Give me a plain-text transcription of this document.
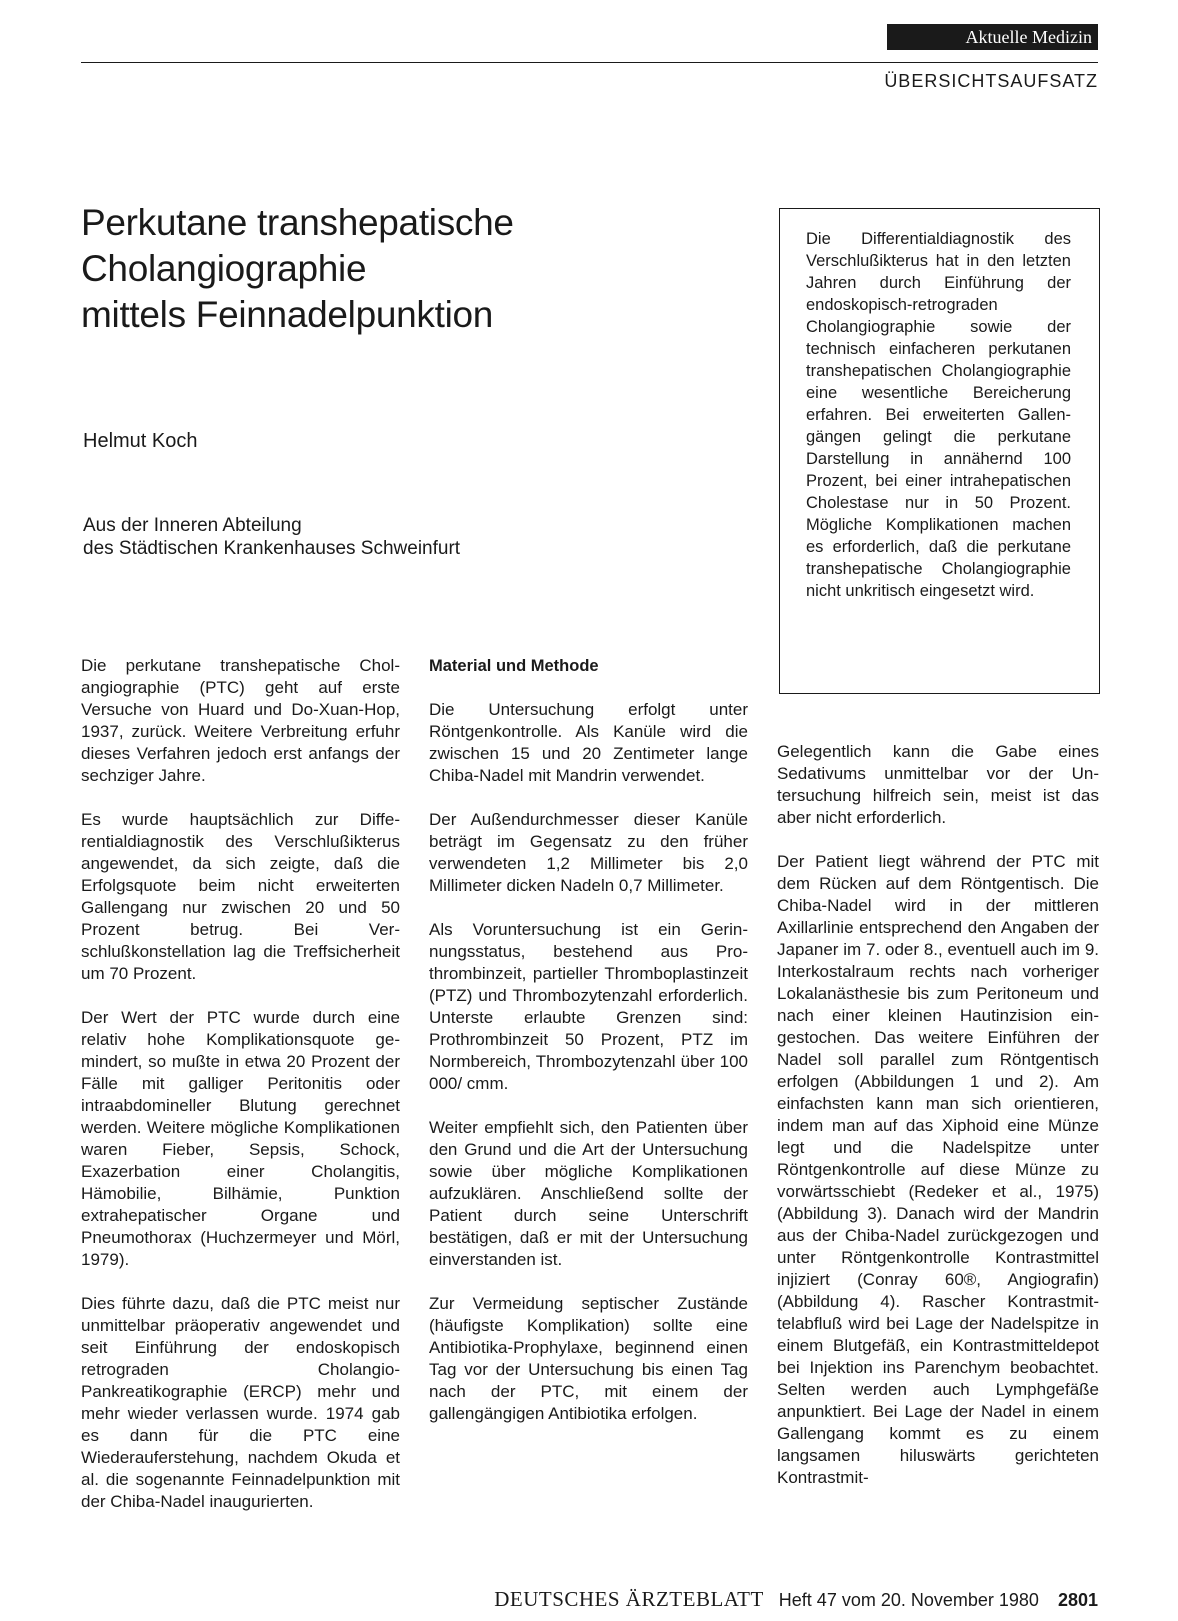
Aktuelle Medizin
ÜBERSICHTSAUFSATZ
Perkutane transhepatische
Cholangiographie
mittels Feinnadelpunktion
Helmut Koch
Aus der Inneren Abteilung
des Städtischen Krankenhauses Schweinfurt
Die Differentialdiagnostik des Verschlußikterus hat in den letzten Jahren durch Einführung der endoskopisch-retrograden Cholangiographie sowie der technisch einfacheren perkutanen transhepatischen Cholangiographie eine wesentliche Bereicherung erfahren. Bei erweiterten Gallengängen gelingt die perkutane Darstellung in annähernd 100 Prozent, bei einer intrahepatischen Cholestase nur in 50 Prozent. Mögliche Komplikationen machen es erforderlich, daß die perkutane transhepatische Cholangiographie nicht unkritisch eingesetzt wird.

Die perkutane transhepatische Cholangiographie (PTC) geht auf erste Versuche von Huard und Do-Xuan-Hop, 1937, zurück. Weitere Verbreitung erfuhr dieses Verfahren jedoch erst anfangs der sechziger Jahre.

Es wurde hauptsächlich zur Differentialdiagnostik des Verschlußikterus angewendet, da sich zeigte, daß die Erfolgsquote beim nicht erweiterten Gallengang nur zwischen 20 und 50 Prozent betrug. Bei Verschlußkonstellation lag die Treffsicherheit um 70 Prozent.

Der Wert der PTC wurde durch eine relativ hohe Komplikationsquote gemindert, so mußte in etwa 20 Prozent der Fälle mit galliger Peritonitis oder intraabdomineller Blutung gerechnet werden. Weitere mögliche Komplikationen waren Fieber, Sepsis, Schock, Exazerbation einer Cholangitis, Hämobilie, Bilhämie, Punktion extrahepatischer Organe und Pneumothorax (Huchzermeyer und Mörl, 1979).

Dies führte dazu, daß die PTC meist nur unmittelbar präoperativ angewendet und seit Einführung der endoskopisch retrograden Cholangio-Pankreatikographie (ERCP) mehr und mehr wieder verlassen wurde. 1974 gab es dann für die PTC eine Wiederauferstehung, nachdem Okuda et al. die sogenannte Feinnadelpunktion mit der Chiba-Nadel inaugurierten.

Material und Methode

Die Untersuchung erfolgt unter Röntgenkontrolle. Als Kanüle wird die zwischen 15 und 20 Zentimeter lange Chiba-Nadel mit Mandrin verwendet.

Der Außendurchmesser dieser Kanüle beträgt im Gegensatz zu den früher verwendeten 1,2 Millimeter bis 2,0 Millimeter dicken Nadeln 0,7 Millimeter.

Als Voruntersuchung ist ein Gerinnungsstatus, bestehend aus Prothrombinzeit, partieller Thromboplastinzeit (PTZ) und Thrombozytenzahl erforderlich. Unterste erlaubte Grenzen sind: Prothrombinzeit 50 Prozent, PTZ im Normbereich, Thrombozytenzahl über 100 000/ cmm.

Weiter empfiehlt sich, den Patienten über den Grund und die Art der Untersuchung sowie über mögliche Komplikationen aufzuklären. Anschließend sollte der Patient durch seine Unterschrift bestätigen, daß er mit der Untersuchung einverstanden ist.

Zur Vermeidung septischer Zustände (häufigste Komplikation) sollte eine Antibiotika-Prophylaxe, beginnend einen Tag vor der Untersuchung bis einen Tag nach der PTC, mit einem der gallengängigen Antibiotika erfolgen.

Gelegentlich kann die Gabe eines Sedativums unmittelbar vor der Untersuchung hilfreich sein, meist ist das aber nicht erforderlich.

Der Patient liegt während der PTC mit dem Rücken auf dem Röntgentisch. Die Chiba-Nadel wird in der mittleren Axillarlinie entsprechend den Angaben der Japaner im 7. oder 8., eventuell auch im 9. Interkostalraum rechts nach vorheriger Lokalanästhesie bis zum Peritoneum und nach einer kleinen Hautinzision eingestochen. Das weitere Einführen der Nadel soll parallel zum Röntgentisch erfolgen (Abbildungen 1 und 2). Am einfachsten kann man sich orientieren, indem man auf das Xiphoid eine Münze legt und die Nadelspitze unter Röntgenkontrolle auf diese Münze zu vorwärtsschiebt (Redeker et al., 1975) (Abbildung 3). Danach wird der Mandrin aus der Chiba-Nadel zurückgezogen und unter Röntgenkontrolle Kontrastmittel injiziert (Conray 60®, Angiografin) (Abbildung 4). Rascher Kontrastmittelabfluß wird bei Lage der Nadelspitze in einem Blutgefäß, ein Kontrastmitteldepot bei Injektion ins Parenchym beobachtet. Selten werden auch Lymphgefäße anpunktiert. Bei Lage der Nadel in einem Gallengang kommt es zu einem langsamen hiluswärts gerichteten Kontrastmit-

DEUTSCHES ÄRZTEBLATT Heft 47 vom 20. November 1980 2801
